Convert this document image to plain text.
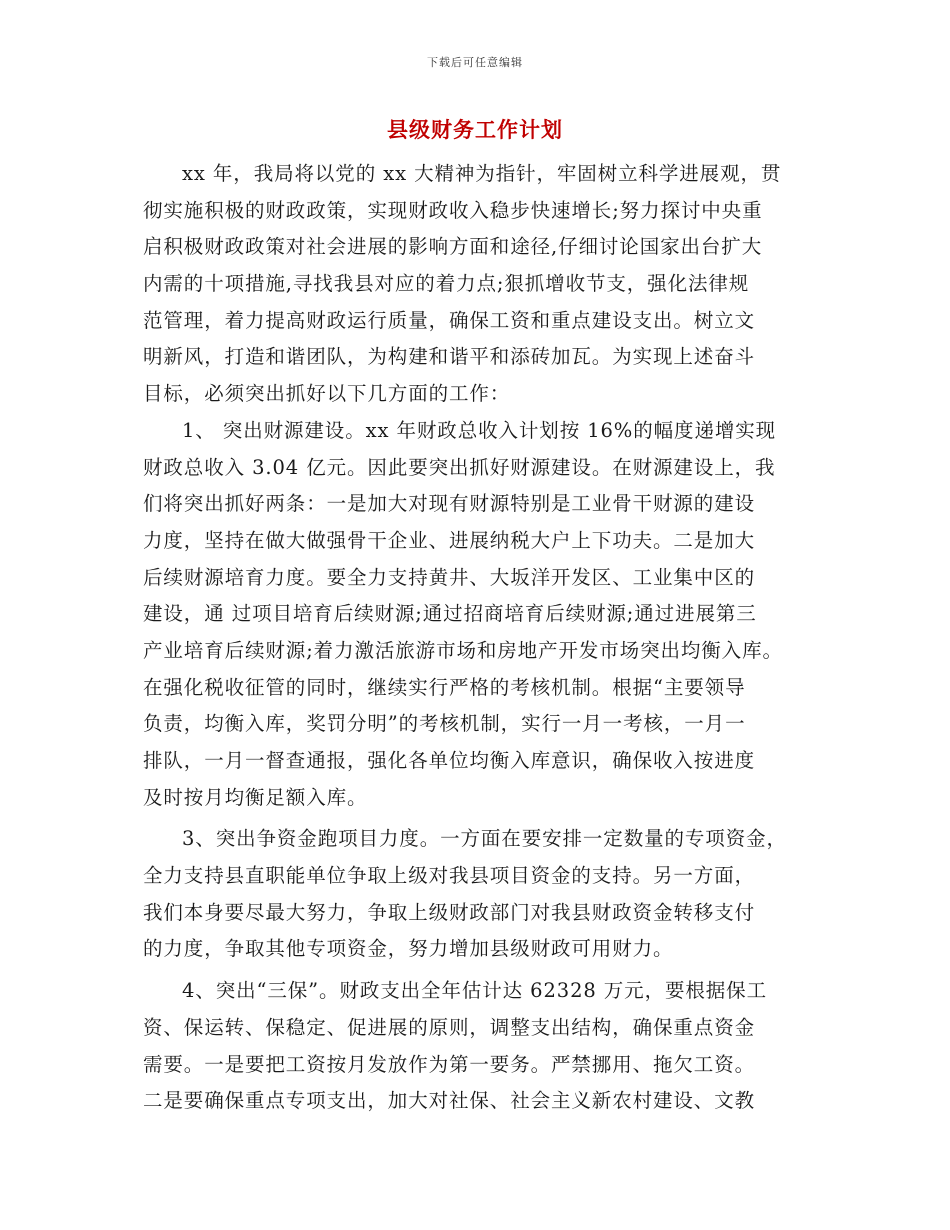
下载后可任意编辑
县级财务工作计划
xx 年，我局将以党的 xx 大精神为指针，牢固树立科学进展观，贯
彻实施积极的财政政策，实现财政收入稳步快速增长;努力探讨中央重
启积极财政政策对社会进展的影响方面和途径,仔细讨论国家出台扩大
内需的十项措施,寻找我县对应的着力点;狠抓增收节支，强化法律规
范管理，着力提高财政运行质量，确保工资和重点建设支出。树立文
明新风，打造和谐团队，为构建和谐平和添砖加瓦。为实现上述奋斗
目标，必须突出抓好以下几方面的工作：
1、 突出财源建设。xx 年财政总收入计划按 16%的幅度递增实现
财政总收入 3.04 亿元。因此要突出抓好财源建设。在财源建设上，我
们将突出抓好两条：一是加大对现有财源特别是工业骨干财源的建设
力度，坚持在做大做强骨干企业、进展纳税大户上下功夫。二是加大
后续财源培育力度。要全力支持黄井、大坂洋开发区、工业集中区的
建设，通 过项目培育后续财源;通过招商培育后续财源;通过进展第三
产业培育后续财源;着力激活旅游市场和房地产开发市场突出均衡入库。
在强化税收征管的同时，继续实行严格的考核机制。根据“主要领导
负责，均衡入库，奖罚分明”的考核机制，实行一月一考核，一月一
排队，一月一督查通报，强化各单位均衡入库意识，确保收入按进度
及时按月均衡足额入库。
3、突出争资金跑项目力度。一方面在要安排一定数量的专项资金，
全力支持县直职能单位争取上级对我县项目资金的支持。另一方面，
我们本身要尽最大努力，争取上级财政部门对我县财政资金转移支付
的力度，争取其他专项资金，努力增加县级财政可用财力。
4、突出“三保”。财政支出全年估计达 62328 万元，要根据保工
资、保运转、保稳定、促进展的原则，调整支出结构，确保重点资金
需要。一是要把工资按月发放作为第一要务。严禁挪用、拖欠工资。
二是要确保重点专项支出，加大对社保、社会主义新农村建设、文教
